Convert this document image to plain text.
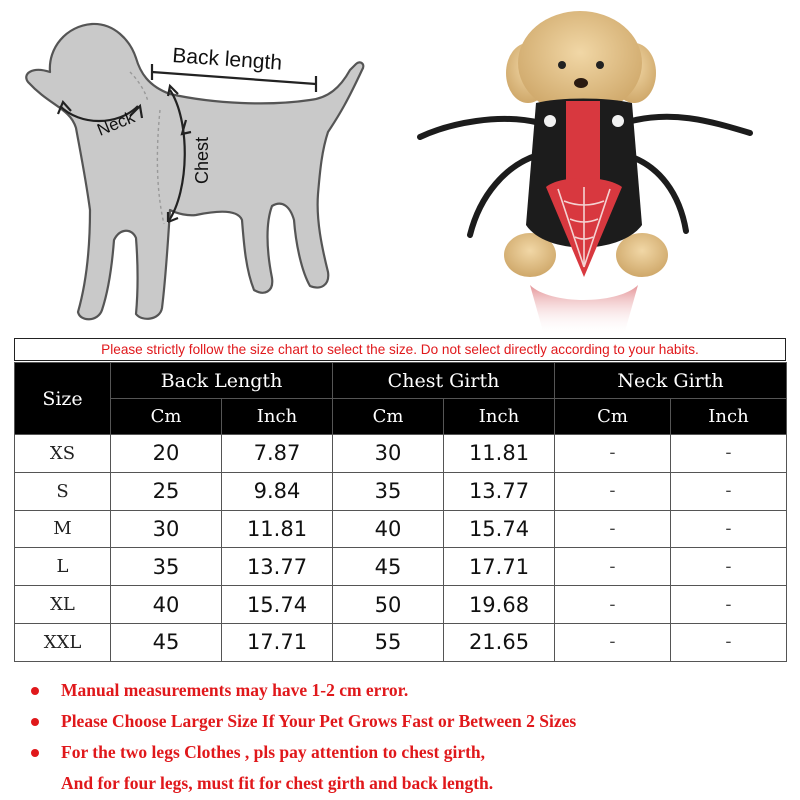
Neck
Back length
Chest
Please strictly follow the size chart to select the size. Do not select directly according to your habits.
Size	Back Length		Chest Girth		Neck Girth	
	Cm	Inch	Cm	Inch	Cm	Inch
XS	20	7.87	30	11.81	-	-
S	25	9.84	35	13.77	-	-
M	30	11.81	40	15.74	-	-
L	35	13.77	45	17.71	-	-
XL	40	15.74	50	19.68	-	-
XXL	45	17.71	55	21.65	-	-
Manual measurements may have 1-2 cm error.
Please Choose Larger Size If Your Pet Grows Fast or Between 2 Sizes
For the two legs Clothes , pls pay attention to chest girth,
And for four legs, must fit for chest girth and back length.
